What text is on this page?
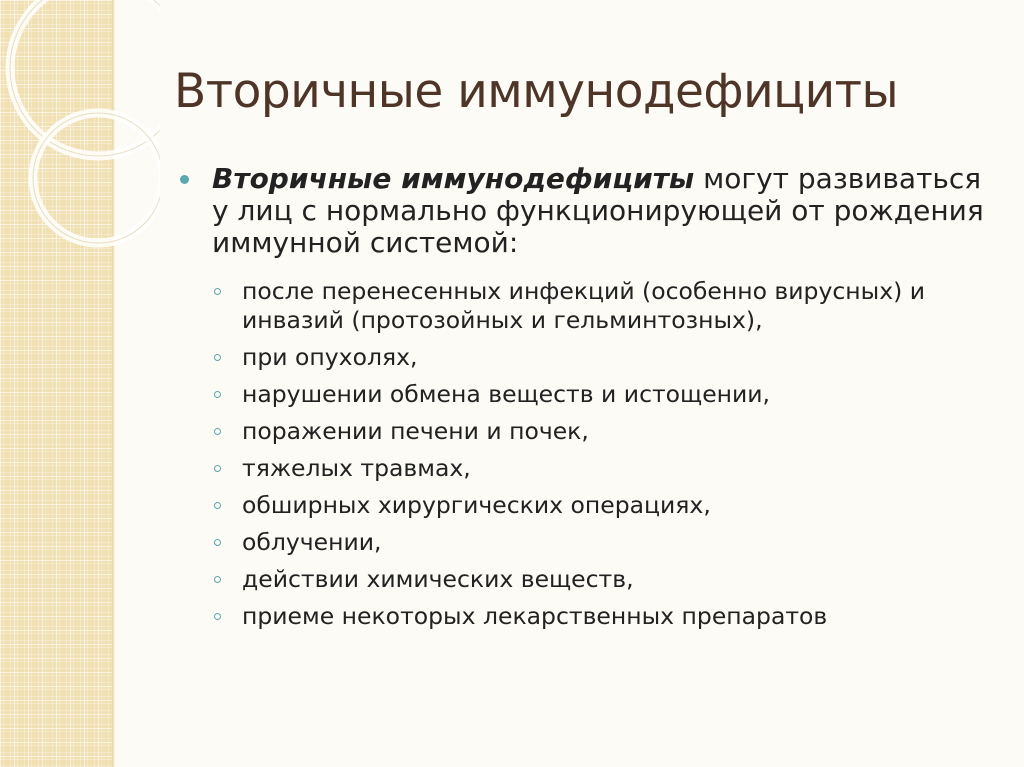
Вторичные иммунодефициты

Вторичные иммунодефициты могут развиваться у лиц с нормально функционирующей от рождения иммунной системой:

после перенесенных инфекций (особенно вирусных) и инвазий (протозойных и гельминтозных),
при опухолях,
нарушении обмена веществ и истощении,
поражении печени и почек,
тяжелых травмах,
обширных хирургических операциях,
облучении,
действии химических веществ,
приеме некоторых лекарственных препаратов
